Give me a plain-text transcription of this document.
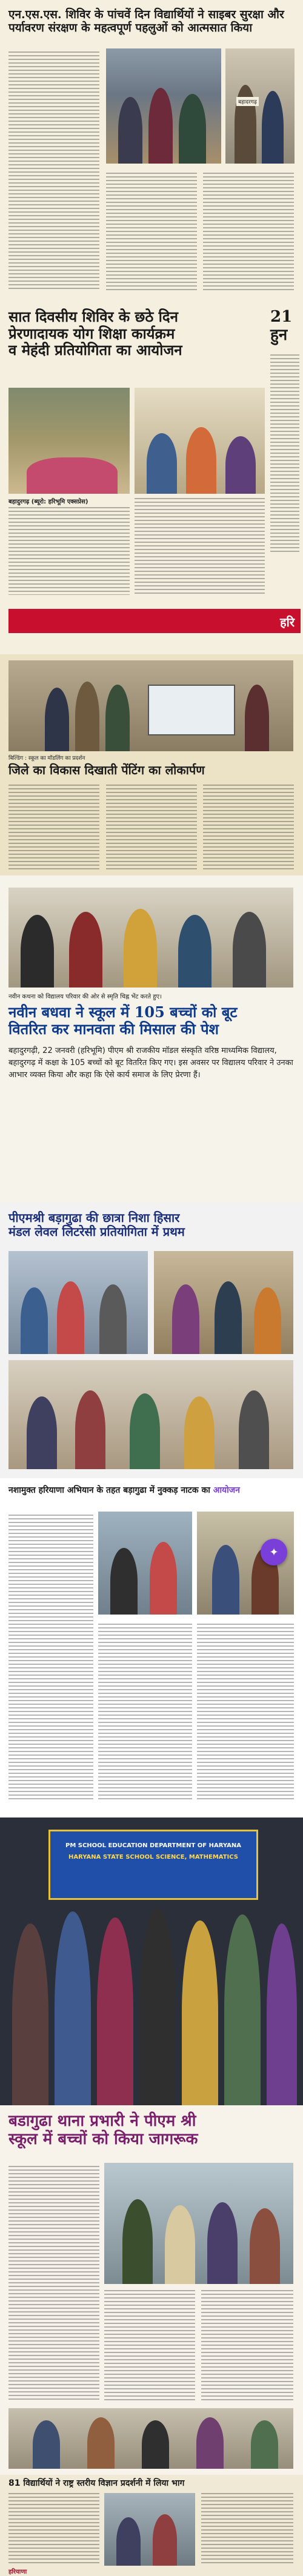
एन.एस.एस. शिविर के पांचवें दिन विद्यार्थियों ने साइबर सुरक्षा और
पर्यावरण संरक्षण के महत्वपूर्ण पहलुओं को आत्मसात किया
बहादरगढ़
सात दिवसीय शिविर के छठे दिन
प्रेरणादायक योग शिक्षा कार्यक्रम
व मेहंदी प्रतियोगिता का आयोजन
21
हुन
बहादुरगढ़ (ब्यूरो: हरिभूमि एक्सप्रेस)
हरि
बिल्डिंग : स्कूल का मॉडलिंग का प्रदर्शन
जिले का विकास दिखाती पेंटिंग का लोकार्पण
नवीन कथना को विद्यालय परिवार की ओर से स्मृति चिह्न भेंट करते हुए।
नवीन बधवा ने स्कूल में 105 बच्चों को बूट
वितरित कर मानवता की मिसाल की पेश
बहादुरगढ़ी, 22 जनवरी (हरिभूमि) पीएम श्री राजकीय मॉडल संस्कृति वरिष्ठ माध्यमिक विद्यालय, बहादुरगढ़ में कक्षा के 105 बच्चों को बूट वितरित किए गए। इस अवसर पर विद्यालय परिवार ने उनका आभार व्यक्त किया और कहा कि ऐसे कार्य समाज के लिए प्रेरणा हैं।
पीएमश्री बड़ागुढा की छात्रा निशा हिसार
मंडल लेवल लिटरेसी प्रतियोगिता में प्रथम
नशामुक्त हरियाणा अभियान के तहत बड़ागुढा में नुक्कड़ नाटक का आयोजन
✦
PM SCHOOL EDUCATION DEPARTMENT OF HARYANA
HARYANA STATE SCHOOL SCIENCE, MATHEMATICS
बडागुढा थाना प्रभारी ने पीएम श्री
स्कूल में बच्चों को किया जागरूक
81 विद्यार्थियों ने राष्ट्र स्तरीय विज्ञान प्रदर्शनी में लिया भाग
हरियाणा
